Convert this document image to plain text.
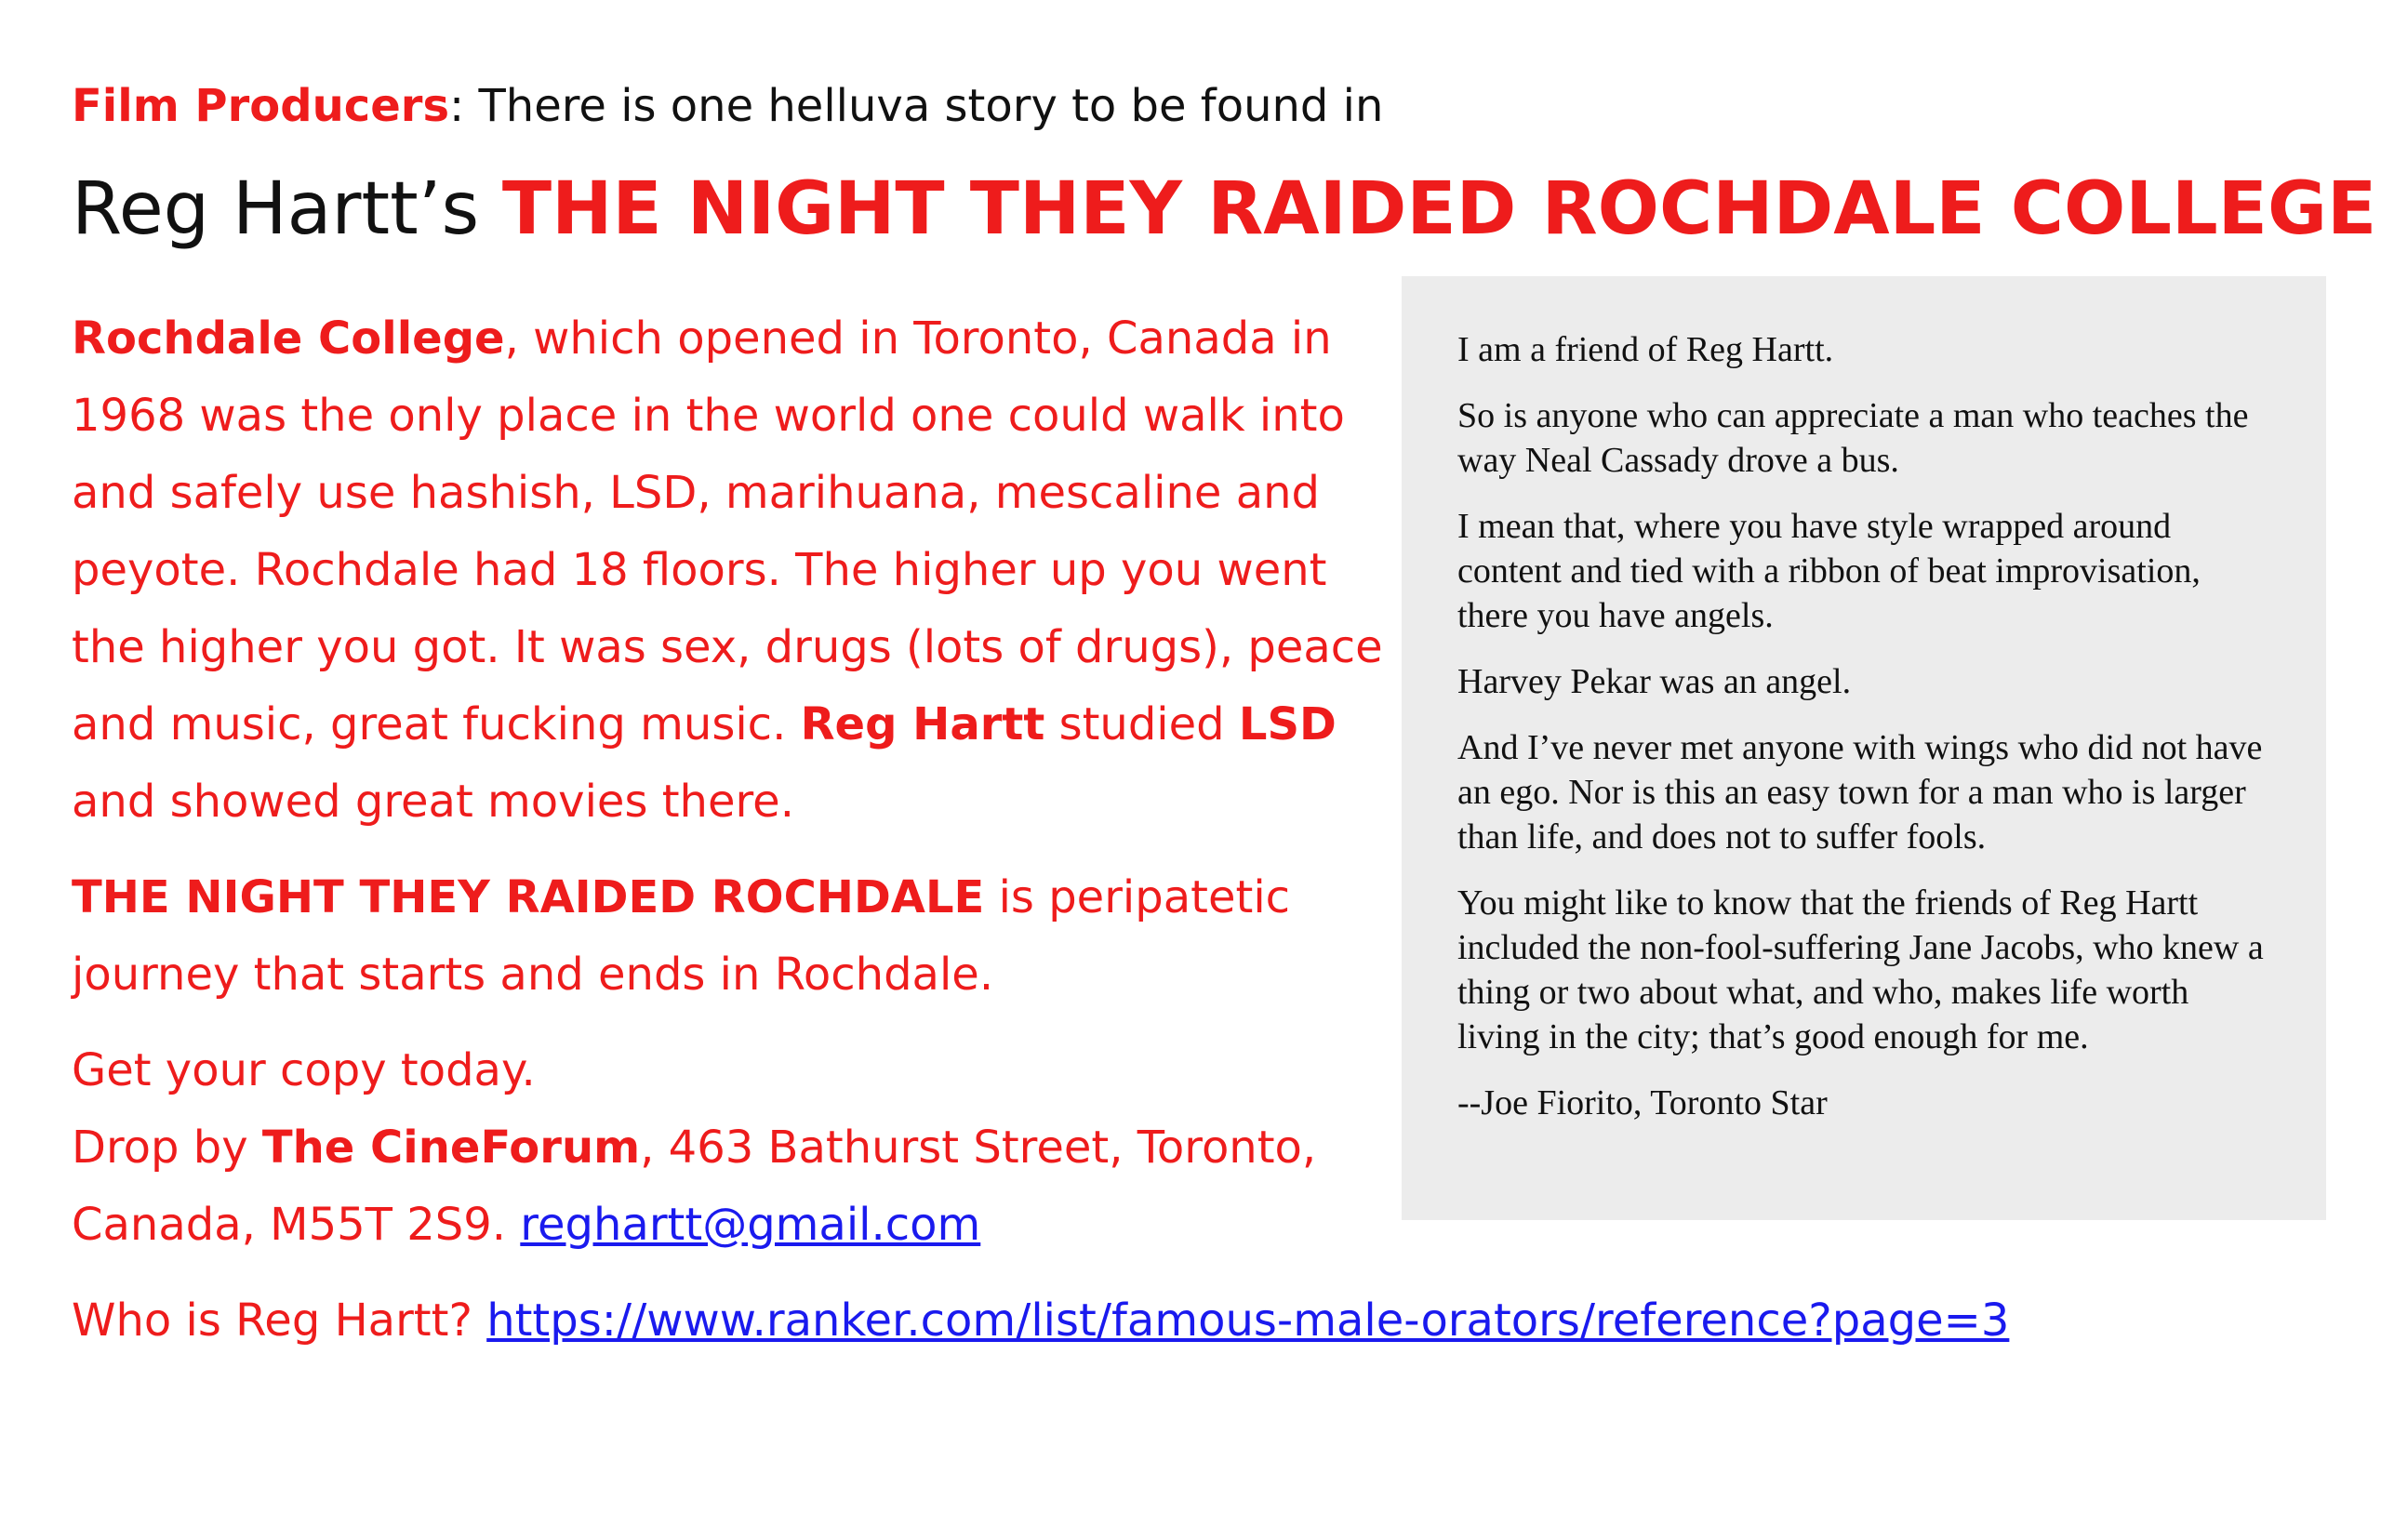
Film Producers: There is one helluva story to be found in
Reg Hartt’s THE NIGHT THEY RAIDED ROCHDALE COLLEGE

Rochdale College, which opened in Toronto, Canada in 1968 was the only place in the world one could walk into and safely use hashish, LSD, marihuana, mescaline and peyote. Rochdale had 18 floors. The higher up you went the higher you got. It was sex, drugs (lots of drugs), peace and music, great fucking music. Reg Hartt studied LSD and showed great movies there.

THE NIGHT THEY RAIDED ROCHDALE is peripatetic journey that starts and ends in Rochdale.

Get your copy today.
Drop by The CineForum, 463 Bathurst Street, Toronto, Canada, M55T 2S9. reghartt@gmail.com

Who is Reg Hartt? https://www.ranker.com/list/famous-male-orators/reference?page=3

I am a friend of Reg Hartt.

So is anyone who can appreciate a man who teaches the way Neal Cassady drove a bus.

I mean that, where you have style wrapped around content and tied with a ribbon of beat improvisation, there you have angels.

Harvey Pekar was an angel.

And I’ve never met anyone with wings who did not have an ego. Nor is this an easy town for a man who is larger than life, and does not to suffer fools.

You might like to know that the friends of Reg Hartt included the non-fool-suffering Jane Jacobs, who knew a thing or two about what, and who, makes life worth living in the city; that’s good enough for me.

--Joe Fiorito, Toronto Star
